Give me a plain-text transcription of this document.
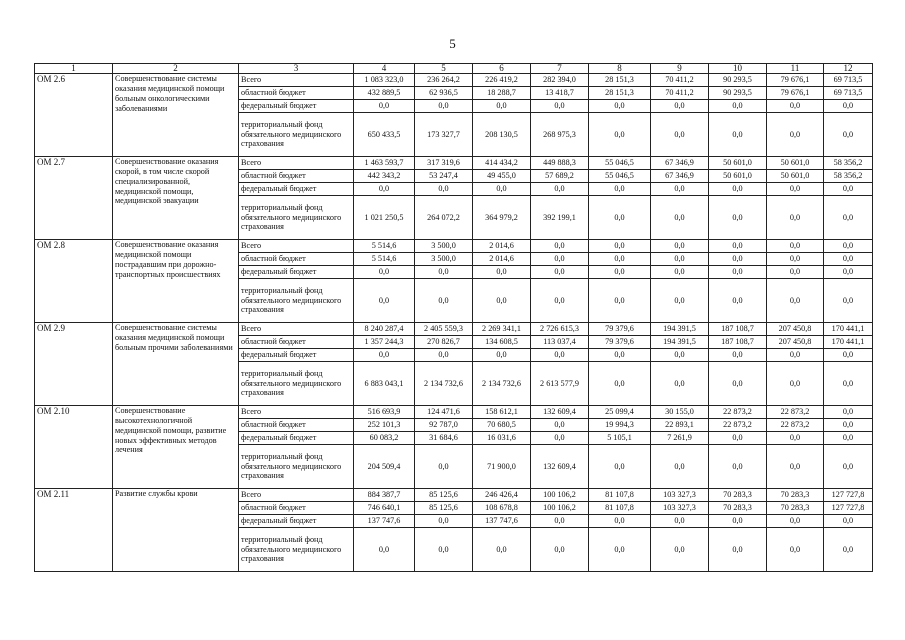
5
1	2	3	4	5	6	7	8	9	10	11	12
ОМ 2.6	Совершенствование системы оказания медицинской помощи больным онкологическими заболеваниями	Всего	1 083 323,0	236 264,2	226 419,2	282 394,0	28 151,3	70 411,2	90 293,5	79 676,1	69 713,5
		областной бюджет	432 889,5	62 936,5	18 288,7	13 418,7	28 151,3	70 411,2	90 293,5	79 676,1	69 713,5
		федеральный бюджет	0,0	0,0	0,0	0,0	0,0	0,0	0,0	0,0	0,0
		территориальный фонд обязательного медицинского страхования	650 433,5	173 327,7	208 130,5	268 975,3	0,0	0,0	0,0	0,0	0,0
ОМ 2.7	Совершенствование оказания скорой, в том числе скорой специализированной, медицинской помощи, медицинской эвакуации	Всего	1 463 593,7	317 319,6	414 434,2	449 888,3	55 046,5	67 346,9	50 601,0	50 601,0	58 356,2
		областной бюджет	442 343,2	53 247,4	49 455,0	57 689,2	55 046,5	67 346,9	50 601,0	50 601,0	58 356,2
		федеральный бюджет	0,0	0,0	0,0	0,0	0,0	0,0	0,0	0,0	0,0
		территориальный фонд обязательного медицинского страхования	1 021 250,5	264 072,2	364 979,2	392 199,1	0,0	0,0	0,0	0,0	0,0
ОМ 2.8	Совершенствование оказания медицинской помощи пострадавшим при дорожно-транспортных происшествиях	Всего	5 514,6	3 500,0	2 014,6	0,0	0,0	0,0	0,0	0,0	0,0
		областной бюджет	5 514,6	3 500,0	2 014,6	0,0	0,0	0,0	0,0	0,0	0,0
		федеральный бюджет	0,0	0,0	0,0	0,0	0,0	0,0	0,0	0,0	0,0
		территориальный фонд обязательного медицинского страхования	0,0	0,0	0,0	0,0	0,0	0,0	0,0	0,0	0,0
ОМ 2.9	Совершенствование системы оказания медицинской помощи больным прочими заболеваниями	Всего	8 240 287,4	2 405 559,3	2 269 341,1	2 726 615,3	79 379,6	194 391,5	187 108,7	207 450,8	170 441,1
		областной бюджет	1 357 244,3	270 826,7	134 608,5	113 037,4	79 379,6	194 391,5	187 108,7	207 450,8	170 441,1
		федеральный бюджет	0,0	0,0	0,0	0,0	0,0	0,0	0,0	0,0	0,0
		территориальный фонд обязательного медицинского страхования	6 883 043,1	2 134 732,6	2 134 732,6	2 613 577,9	0,0	0,0	0,0	0,0	0,0
ОМ 2.10	Совершенствование высокотехнологичной медицинской помощи, развитие новых эффективных методов лечения	Всего	516 693,9	124 471,6	158 612,1	132 609,4	25 099,4	30 155,0	22 873,2	22 873,2	0,0
		областной бюджет	252 101,3	92 787,0	70 680,5	0,0	19 994,3	22 893,1	22 873,2	22 873,2	0,0
		федеральный бюджет	60 083,2	31 684,6	16 031,6	0,0	5 105,1	7 261,9	0,0	0,0	0,0
		территориальный фонд обязательного медицинского страхования	204 509,4	0,0	71 900,0	132 609,4	0,0	0,0	0,0	0,0	0,0
ОМ 2.11	Развитие службы крови	Всего	884 387,7	85 125,6	246 426,4	100 106,2	81 107,8	103 327,3	70 283,3	70 283,3	127 727,8
		областной бюджет	746 640,1	85 125,6	108 678,8	100 106,2	81 107,8	103 327,3	70 283,3	70 283,3	127 727,8
		федеральный бюджет	137 747,6	0,0	137 747,6	0,0	0,0	0,0	0,0	0,0	0,0
		территориальный фонд обязательного медицинского страхования	0,0	0,0	0,0	0,0	0,0	0,0	0,0	0,0	0,0
